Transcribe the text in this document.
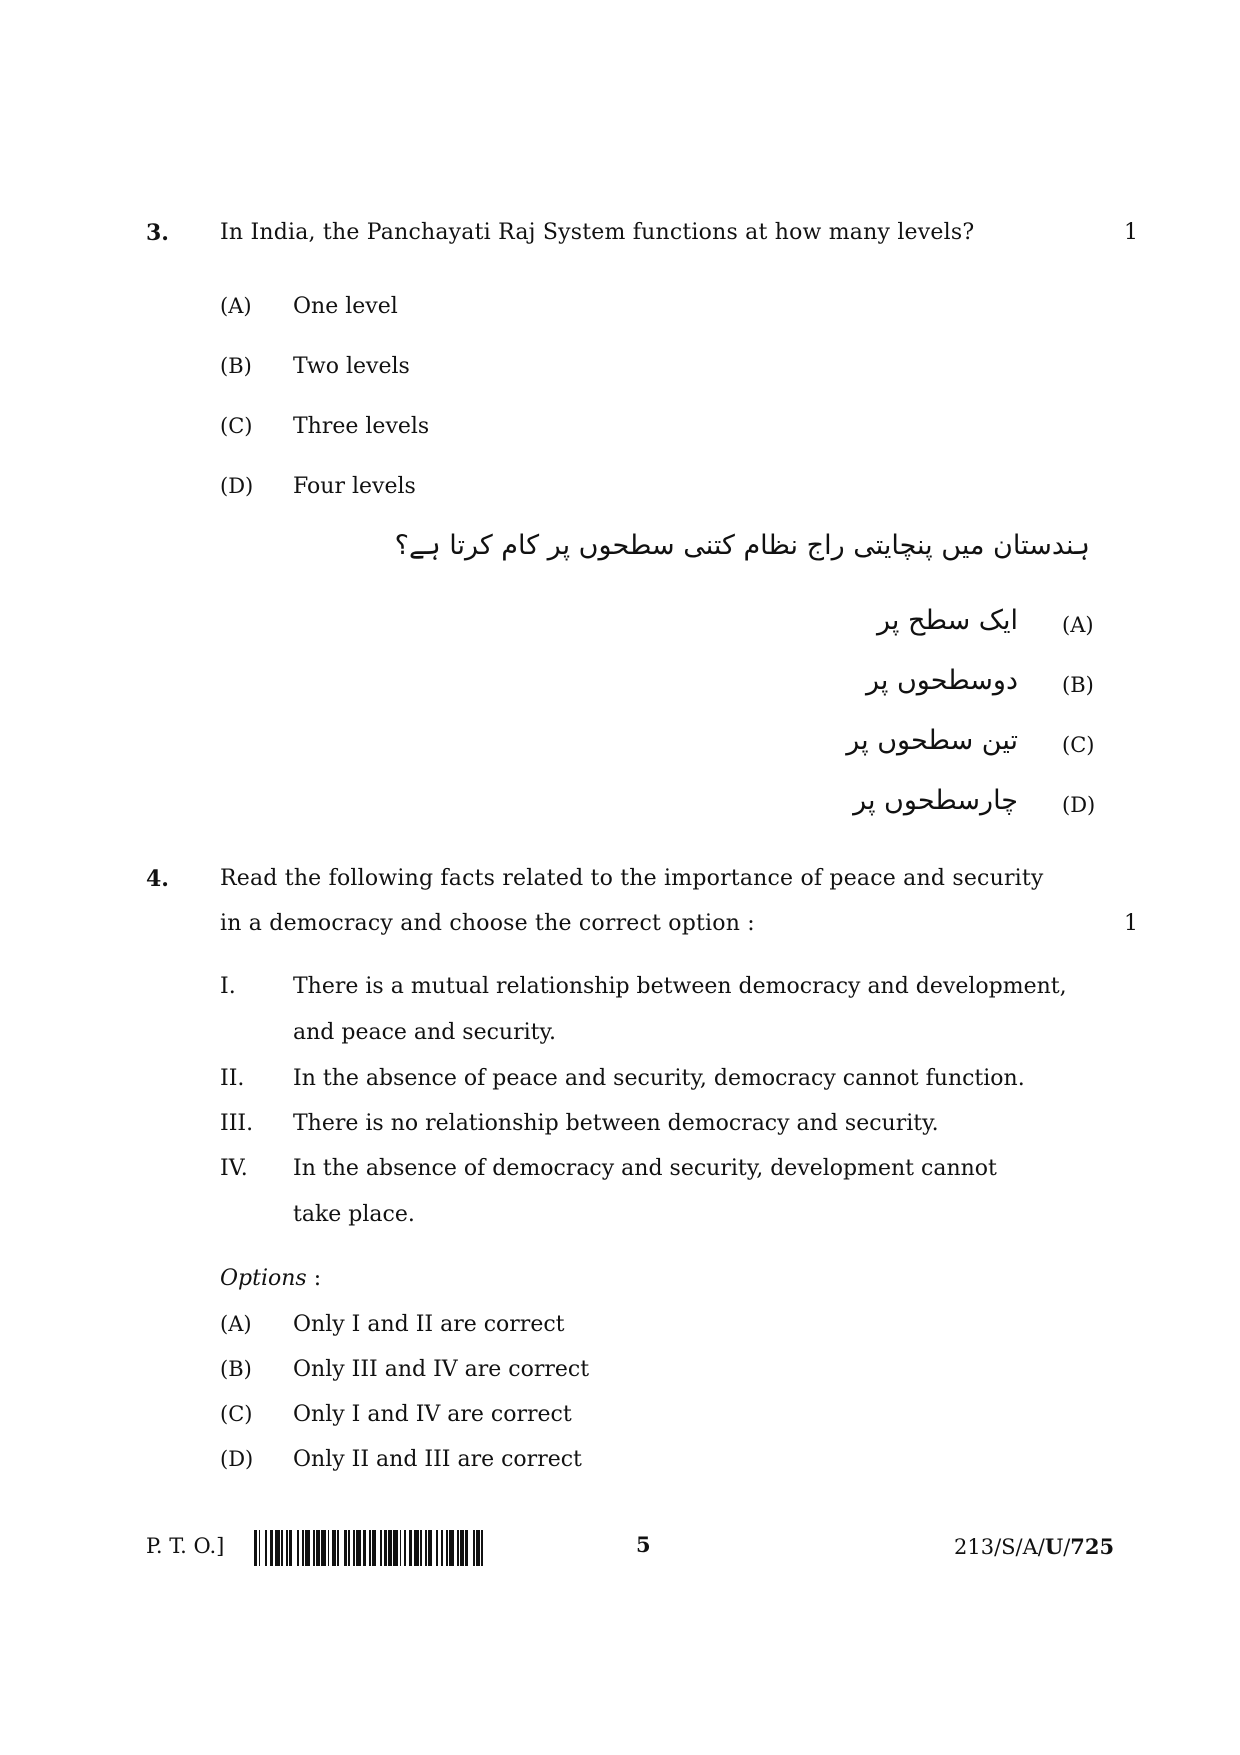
3. In India, the Panchayati Raj System functions at how many levels?	1
(A) One level
(B) Two levels
(C) Three levels
(D) Four levels
ہندستان میں پنچایتی راج نظام کتنی سطحوں پر کام کرتا ہے؟
(A)
ایک سطح پر
(B)
دوسطحوں پر
(C)
تین سطحوں پر
(D)
چارسطحوں پر
4. Read the following facts related to the importance of peace and security
in a democracy and choose the correct option :	1
I.	There is a mutual relationship between democracy and development,
and peace and security.
II. In the absence of peace and security, democracy cannot function.
III. There is no relationship between democracy and security.
IV. In the absence of democracy and security, development cannot
take place.
Options :
(A) Only I and II are correct
(B) Only III and IV are correct
(C) Only I and IV are correct
(D) Only II and III are correct
P. T. O.]	5	213/S/A/U/725
